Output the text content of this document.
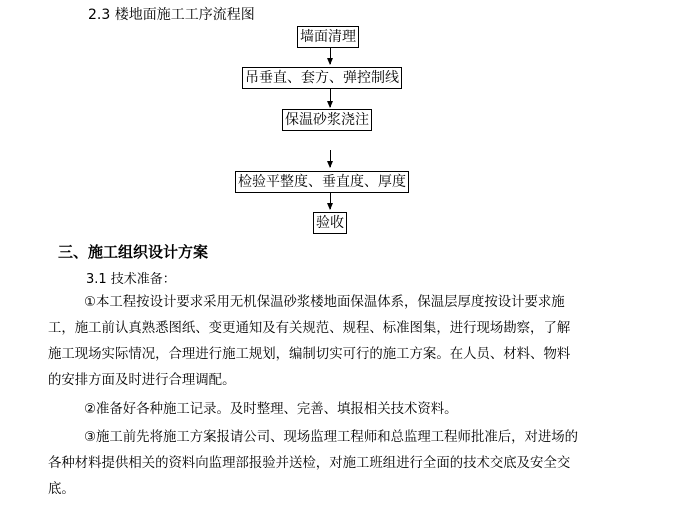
2.3 楼地面施工工序流程图
墙面清理
吊垂直、套方、弹控制线
保温砂浆浇注
检验平整度、垂直度、厚度
验收
三、施工组织设计方案
3.1 技术准备：
①本工程按设计要求采用无机保温砂浆楼地面保温体系，保温层厚度按设计要求施
工，施工前认真熟悉图纸、变更通知及有关规范、规程、标准图集，进行现场勘察，了解
施工现场实际情况，合理进行施工规划，编制切实可行的施工方案。在人员、材料、物料
的安排方面及时进行合理调配。
②准备好各种施工记录。及时整理、完善、填报相关技术资料。
③施工前先将施工方案报请公司、现场监理工程师和总监理工程师批准后，对进场的
各种材料提供相关的资料向监理部报验并送检，对施工班组进行全面的技术交底及安全交
底。
